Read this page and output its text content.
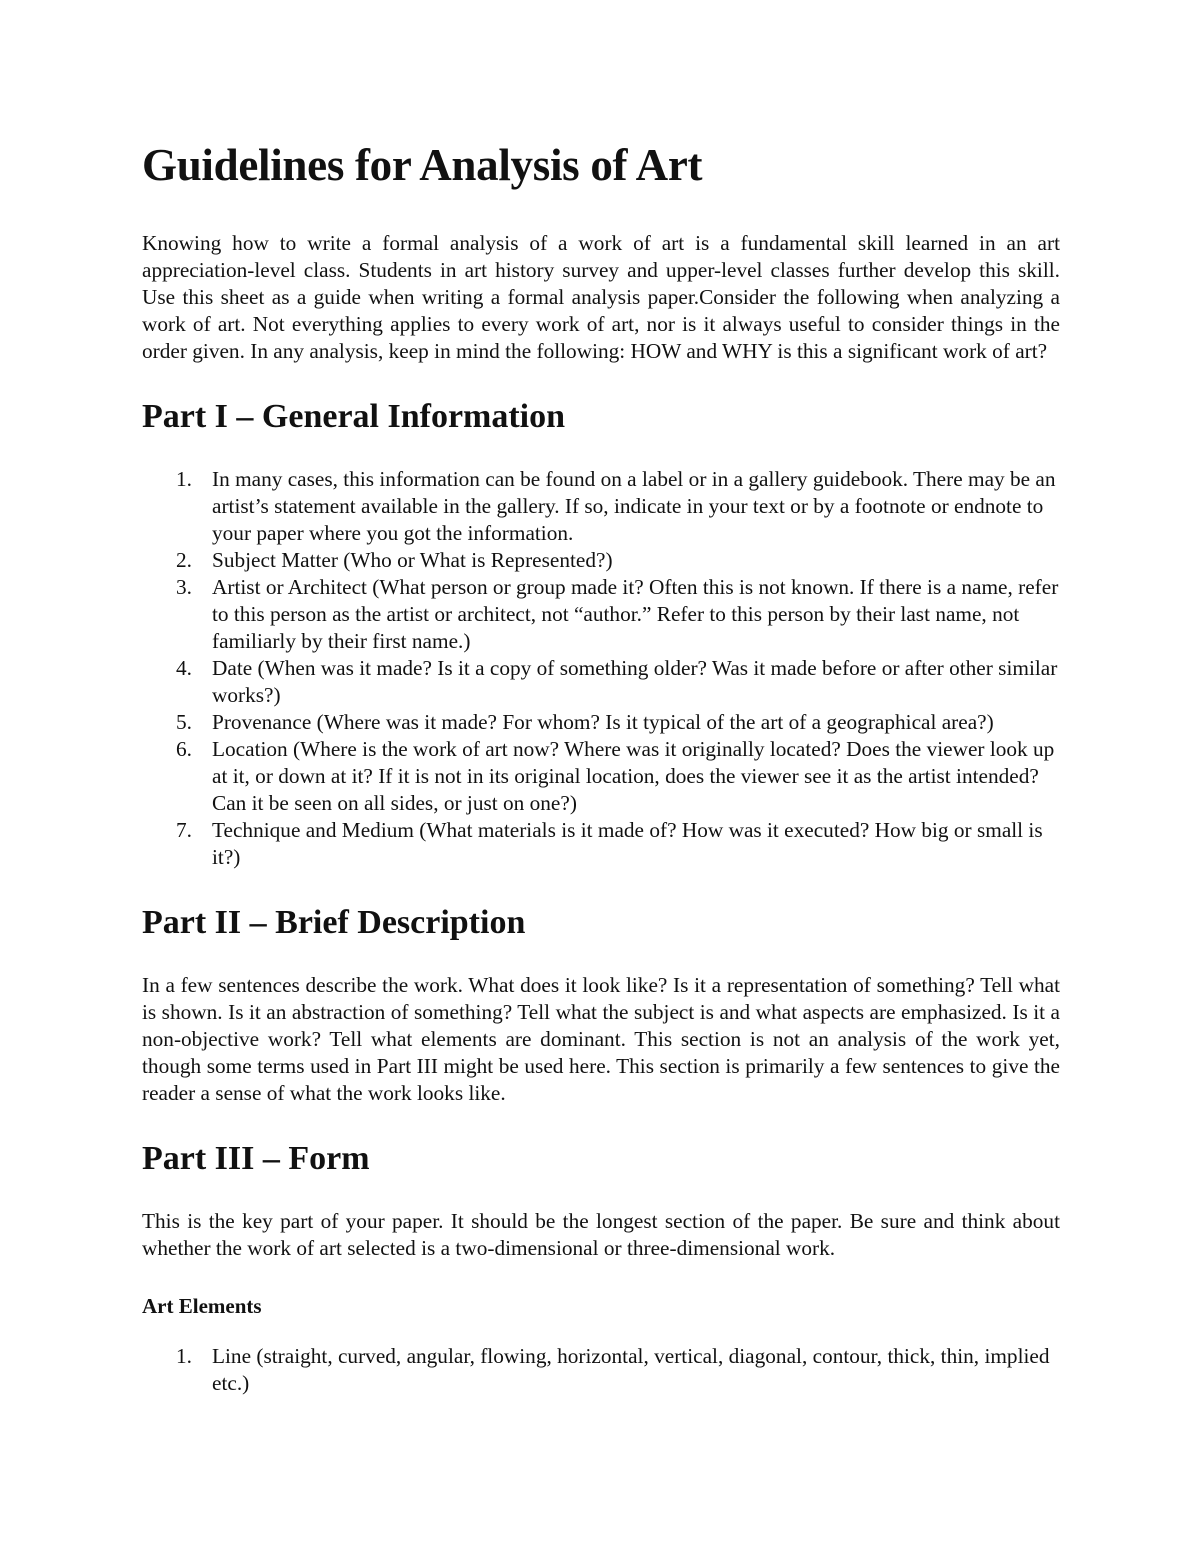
Guidelines for Analysis of Art

Knowing how to write a formal analysis of a work of art is a fundamental skill learned in an art appreciation-level class. Students in art history survey and upper-level classes further develop this skill. Use this sheet as a guide when writing a formal analysis paper.Consider the following when analyzing a work of art. Not everything applies to every work of art, nor is it always useful to consider things in the order given. In any analysis, keep in mind the following: HOW and WHY is this a significant work of art?

Part I – General Information
1. In many cases, this information can be found on a label or in a gallery guidebook. There may be an artist’s statement available in the gallery. If so, indicate in your text or by a footnote or endnote to your paper where you got the information.
2. Subject Matter (Who or What is Represented?)
3. Artist or Architect (What person or group made it? Often this is not known. If there is a name, refer to this person as the artist or architect, not “author.” Refer to this person by their last name, not familiarly by their first name.)
4. Date (When was it made? Is it a copy of something older? Was it made before or after other similar works?)
5. Provenance (Where was it made? For whom? Is it typical of the art of a geographical area?)
6. Location (Where is the work of art now? Where was it originally located? Does the viewer look up at it, or down at it? If it is not in its original location, does the viewer see it as the artist intended? Can it be seen on all sides, or just on one?)
7. Technique and Medium (What materials is it made of? How was it executed? How big or small is it?)
Part II – Brief Description

In a few sentences describe the work. What does it look like? Is it a representation of something? Tell what is shown. Is it an abstraction of something? Tell what the subject is and what aspects are emphasized. Is it a non-objective work? Tell what elements are dominant. This section is not an analysis of the work yet, though some terms used in Part III might be used here. This section is primarily a few sentences to give the reader a sense of what the work looks like.

Part III – Form

This is the key part of your paper. It should be the longest section of the paper. Be sure and think about whether the work of art selected is a two-dimensional or three-dimensional work.

Art Elements
1. Line (straight, curved, angular, flowing, horizontal, vertical, diagonal, contour, thick, thin, implied etc.)
